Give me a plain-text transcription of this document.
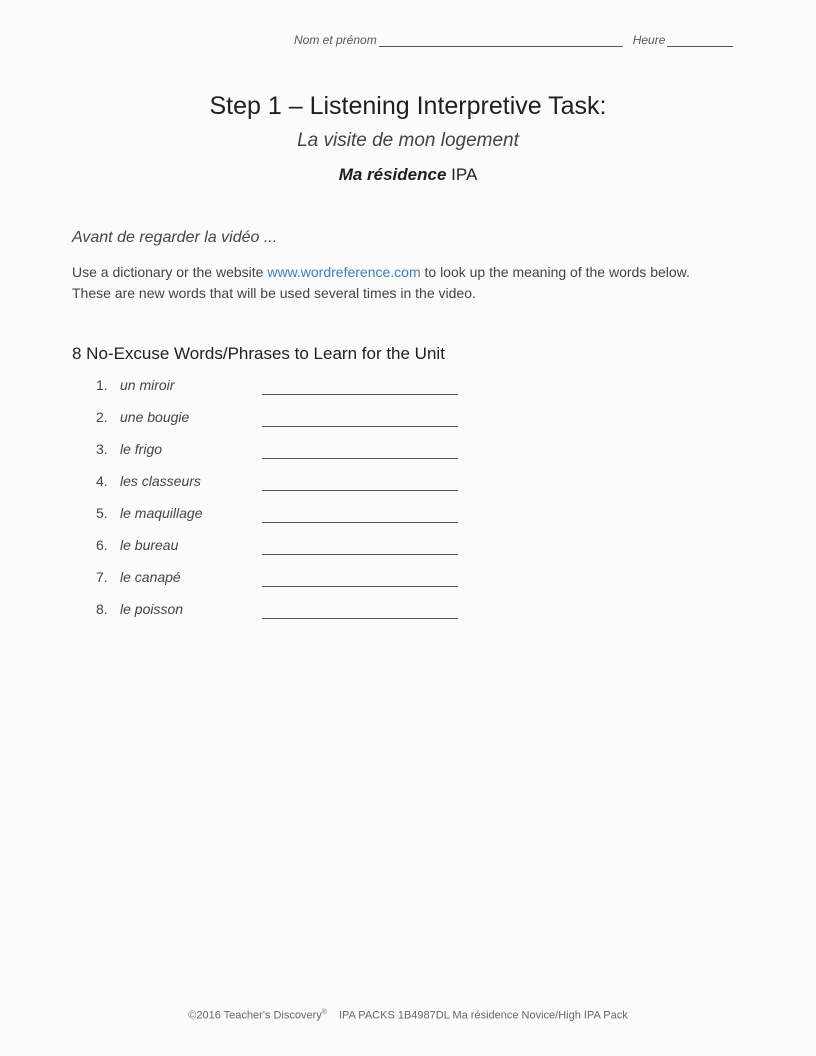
Nom et prénom	Heure
Step 1 – Listening Interpretive Task:
La visite de mon logement
Ma résidence IPA
Avant de regarder la vidéo ...
Use a dictionary or the website www.wordreference.com to look up the meaning of the words below. These are new words that will be used several times in the video.
8 No-Excuse Words/Phrases to Learn for the Unit
1. un miroir
2. une bougie
3. le frigo
4. les classeurs
5. le maquillage
6. le bureau
7. le canapé
8. le poisson
©2016 Teacher's Discovery® IPA PACKS 1B4987DL Ma résidence Novice/High IPA Pack
